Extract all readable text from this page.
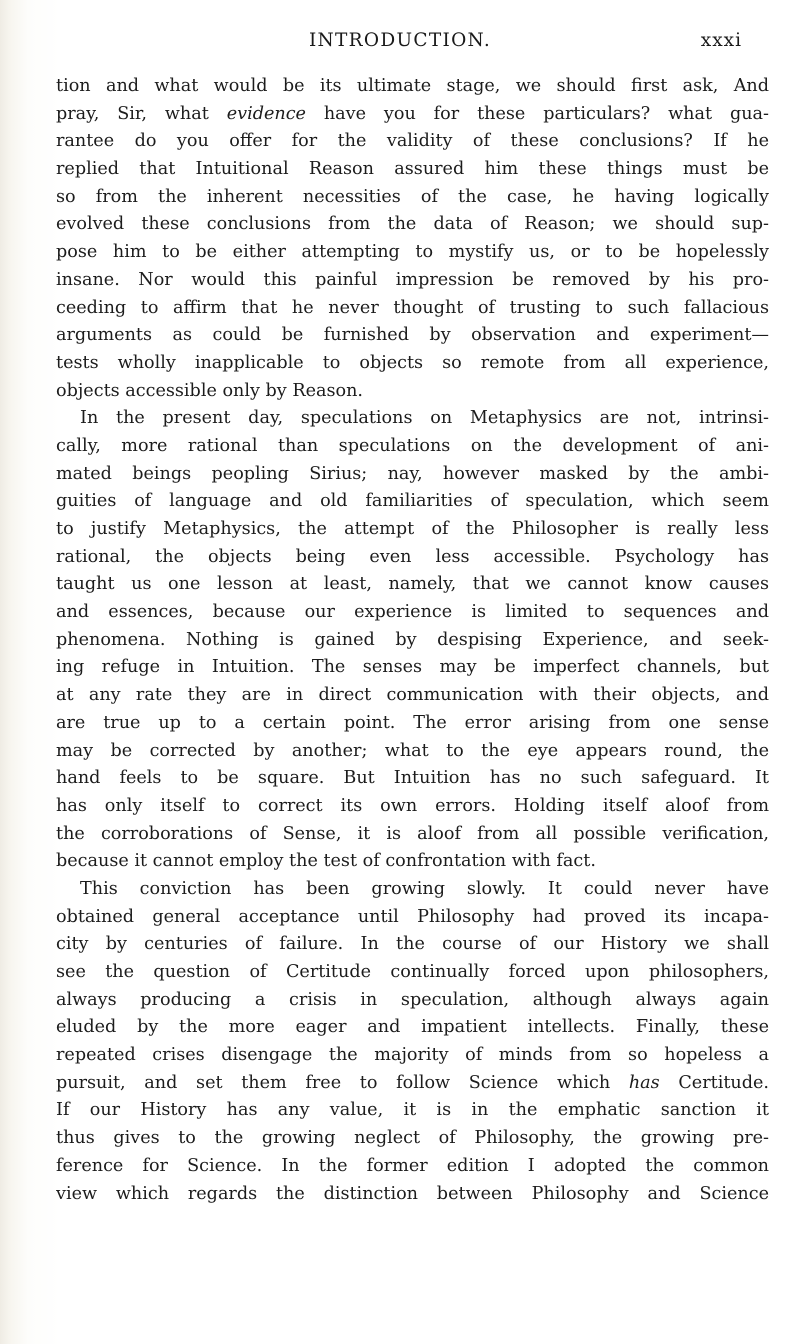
INTRODUCTION.	xxxi
tion and what would be its ultimate stage, we should first ask, And
pray, Sir, what evidence have you for these particulars? what gua-
rantee do you offer for the validity of these conclusions? If he
replied that Intuitional Reason assured him these things must be
so from the inherent necessities of the case, he having logically
evolved these conclusions from the data of Reason; we should sup-
pose him to be either attempting to mystify us, or to be hopelessly
insane. Nor would this painful impression be removed by his pro-
ceeding to affirm that he never thought of trusting to such fallacious
arguments as could be furnished by observation and experiment—
tests wholly inapplicable to objects so remote from all experience,
objects accessible only by Reason.
In the present day, speculations on Metaphysics are not, intrinsi-
cally, more rational than speculations on the development of ani-
mated beings peopling Sirius; nay, however masked by the ambi-
guities of language and old familiarities of speculation, which seem
to justify Metaphysics, the attempt of the Philosopher is really less
rational, the objects being even less accessible. Psychology has
taught us one lesson at least, namely, that we cannot know causes
and essences, because our experience is limited to sequences and
phenomena. Nothing is gained by despising Experience, and seek-
ing refuge in Intuition. The senses may be imperfect channels, but
at any rate they are in direct communication with their objects, and
are true up to a certain point. The error arising from one sense
may be corrected by another; what to the eye appears round, the
hand feels to be square. But Intuition has no such safeguard. It
has only itself to correct its own errors. Holding itself aloof from
the corroborations of Sense, it is aloof from all possible verification,
because it cannot employ the test of confrontation with fact.
This conviction has been growing slowly. It could never have
obtained general acceptance until Philosophy had proved its incapa-
city by centuries of failure. In the course of our History we shall
see the question of Certitude continually forced upon philosophers,
always producing a crisis in speculation, although always again
eluded by the more eager and impatient intellects. Finally, these
repeated crises disengage the majority of minds from so hopeless a
pursuit, and set them free to follow Science which has Certitude.
If our History has any value, it is in the emphatic sanction it
thus gives to the growing neglect of Philosophy, the growing pre-
ference for Science. In the former edition I adopted the common
view which regards the distinction between Philosophy and Science
